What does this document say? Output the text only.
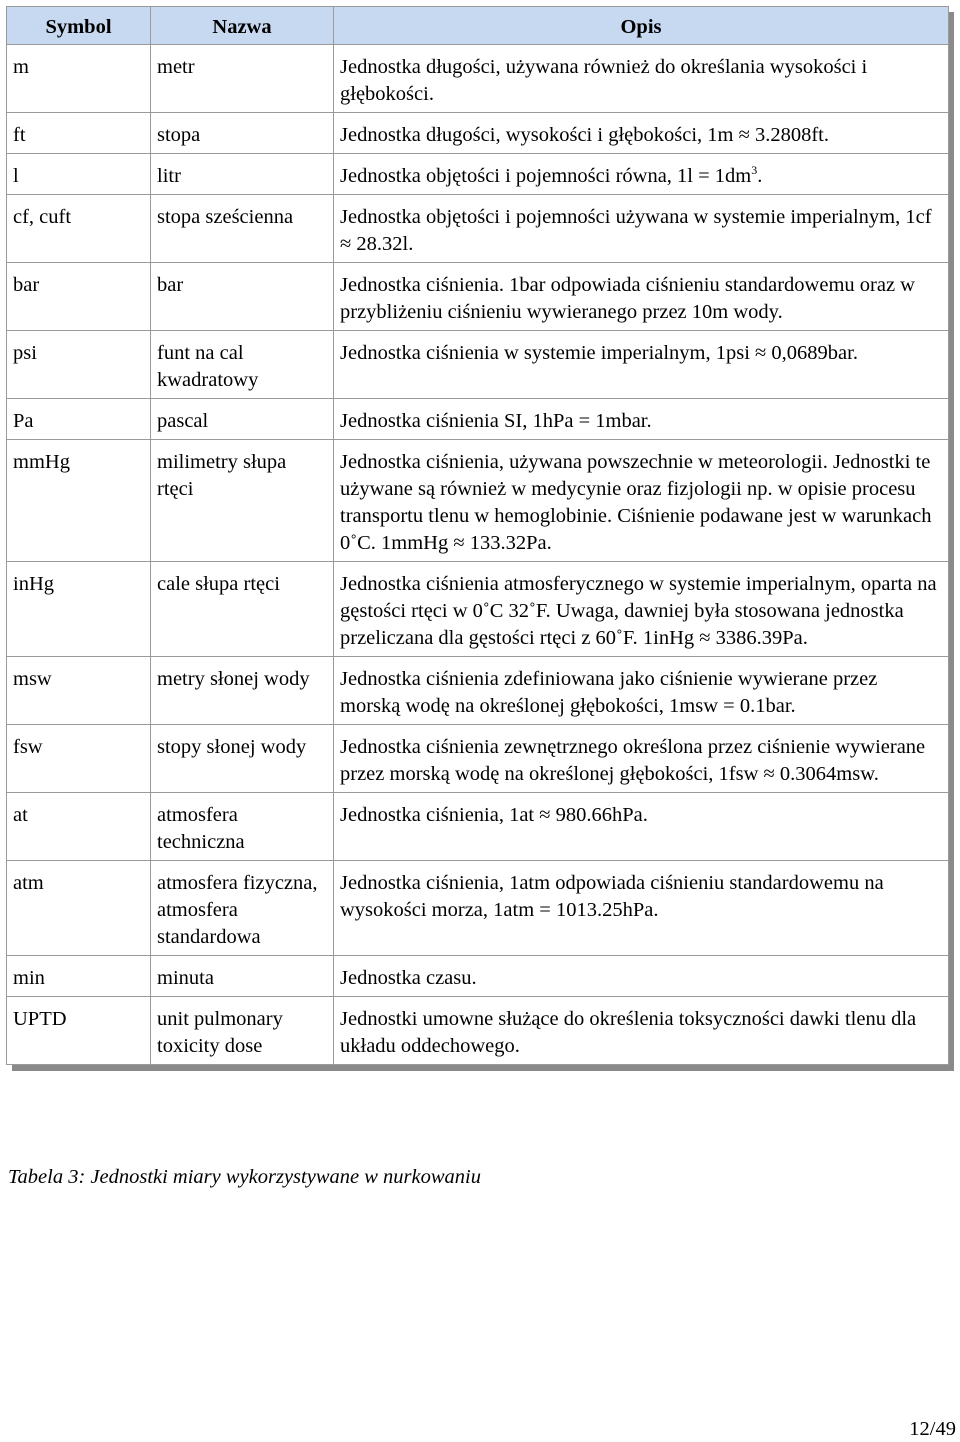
Symbol	Nazwa	Opis
m	metr	Jednostka długości, używana również do określania wysokości i głębokości.
ft	stopa	Jednostka długości, wysokości i głębokości, 1m ≈ 3.2808ft.
l	litr	Jednostka objętości i pojemności równa, $1l = 1dm^3$.
cf, cuft	stopa sześcienna	Jednostka objętości i pojemności używana w systemie imperialnym, 1cf ≈ 28.32l.
bar	bar	Jednostka ciśnienia. 1bar odpowiada ciśnieniu standardowemu oraz w przybliżeniu ciśnieniu wywieranego przez 10m wody.
psi	funt na cal kwadratowy	Jednostka ciśnienia w systemie imperialnym, 1psi ≈ 0,0689bar.
Pa	pascal	Jednostka ciśnienia SI, 1hPa = 1mbar.
mmHg	milimetry słupa rtęci	Jednostka ciśnienia, używana powszechnie w meteorologii. Jednostki te używane są również w medycynie oraz fizjologii np. w opisie procesu transportu tlenu w hemoglobinie. Ciśnienie podawane jest w warunkach 0˚C. 1mmHg ≈ 133.32Pa.
inHg	cale słupa rtęci	Jednostka ciśnienia atmosferycznego w systemie imperialnym, oparta na gęstości rtęci w 0˚C 32˚F. Uwaga, dawniej była stosowana jednostka przeliczana dla gęstości rtęci z 60˚F. 1inHg ≈ 3386.39Pa.
msw	metry słonej wody	Jednostka ciśnienia zdefiniowana jako ciśnienie wywierane przez morską wodę na określonej głębokości, 1msw = 0.1bar.
fsw	stopy słonej wody	Jednostka ciśnienia zewnętrznego określona przez ciśnienie wywierane przez morską wodę na określonej głębokości, 1fsw ≈ 0.3064msw.
at	atmosfera techniczna	Jednostka ciśnienia, 1at ≈ 980.66hPa.
atm	atmosfera fizyczna, atmosfera standardowa	Jednostka ciśnienia, 1atm odpowiada ciśnieniu standardowemu na wysokości morza, 1atm = 1013.25hPa.
min	minuta	Jednostka czasu.
UPTD	unit pulmonary toxicity dose	Jednostki umowne służące do określenia toksyczności dawki tlenu dla układu oddechowego.
Tabela 3: Jednostki miary wykorzystywane w nurkowaniu
12/49
